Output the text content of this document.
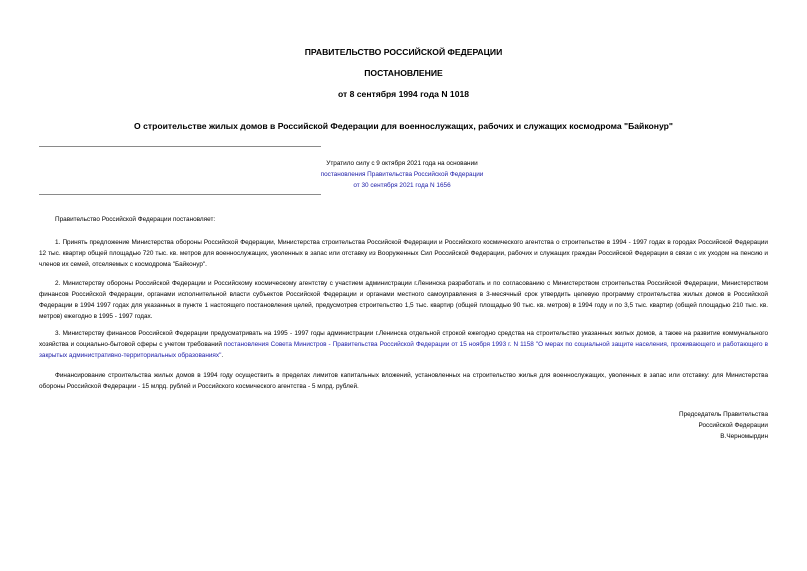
ПРАВИТЕЛЬСТВО РОССИЙСКОЙ ФЕДЕРАЦИИ
ПОСТАНОВЛЕНИЕ
от 8 сентября 1994 года N 1018
О строительстве жилых домов в Российской Федерации для военнослужащих, рабочих и служащих космодрома "Байконур"
Утратило силу с 9 октября 2021 года на основании
постановления Правительства Российской Федерации
от 30 сентября 2021 года N 1656
Правительство Российской Федерации постановляет:
1. Принять предложение Министерства обороны Российской Федерации, Министерства строительства Российской Федерации и Российского космического агентства о строительстве в 1994 - 1997 годах в городах Российской Федерации 12 тыс. квартир общей площадью 720 тыс. кв. метров для военнослужащих, уволенных в запас или отставку из Вооруженных Сил Российской Федерации, рабочих и служащих граждан Российской Федерации в связи с их уходом на пенсию и членов их семей, отселяемых с космодрома "Байконур".
2. Министерству обороны Российской Федерации и Российскому космическому агентству с участием администрации г.Ленинска разработать и по согласованию с Министерством строительства Российской Федерации, Министерством финансов Российской Федерации, органами исполнительной власти субъектов Российской Федерации и органами местного самоуправления в 3-месячный срок утвердить целевую программу строительства жилых домов в Российской Федерации в 1994 1997 годах для указанных в пункте 1 настоящего постановления целей, предусмотрев строительство 1,5 тыс. квартир (общей площадью 90 тыс. кв. метров) в 1994 году и по 3,5 тыс. квартир (общей площадью 210 тыс. кв. метров) ежегодно в 1995 - 1997 годах.
3. Министерству финансов Российской Федерации предусматривать на 1995 - 1997 годы администрации г.Ленинска отдельной строкой ежегодно средства на строительство указанных жилых домов, а также на развитие коммунального хозяйства и социально-бытовой сферы с учетом требований постановления Совета Министров - Правительства Российской Федерации от 15 ноября 1993 г. N 1158 "О мерах по социальной защите населения, проживающего и работающего в закрытых административно-территориальных образованиях".
Финансирование строительства жилых домов в 1994 году осуществить в пределах лимитов капитальных вложений, установленных на строительство жилья для военнослужащих, уволенных в запас или отставку: для Министерства обороны Российской Федерации - 15 млрд. рублей и Российского космического агентства - 5 млрд. рублей.
Председатель Правительства
Российской Федерации
В.Черномырдин
